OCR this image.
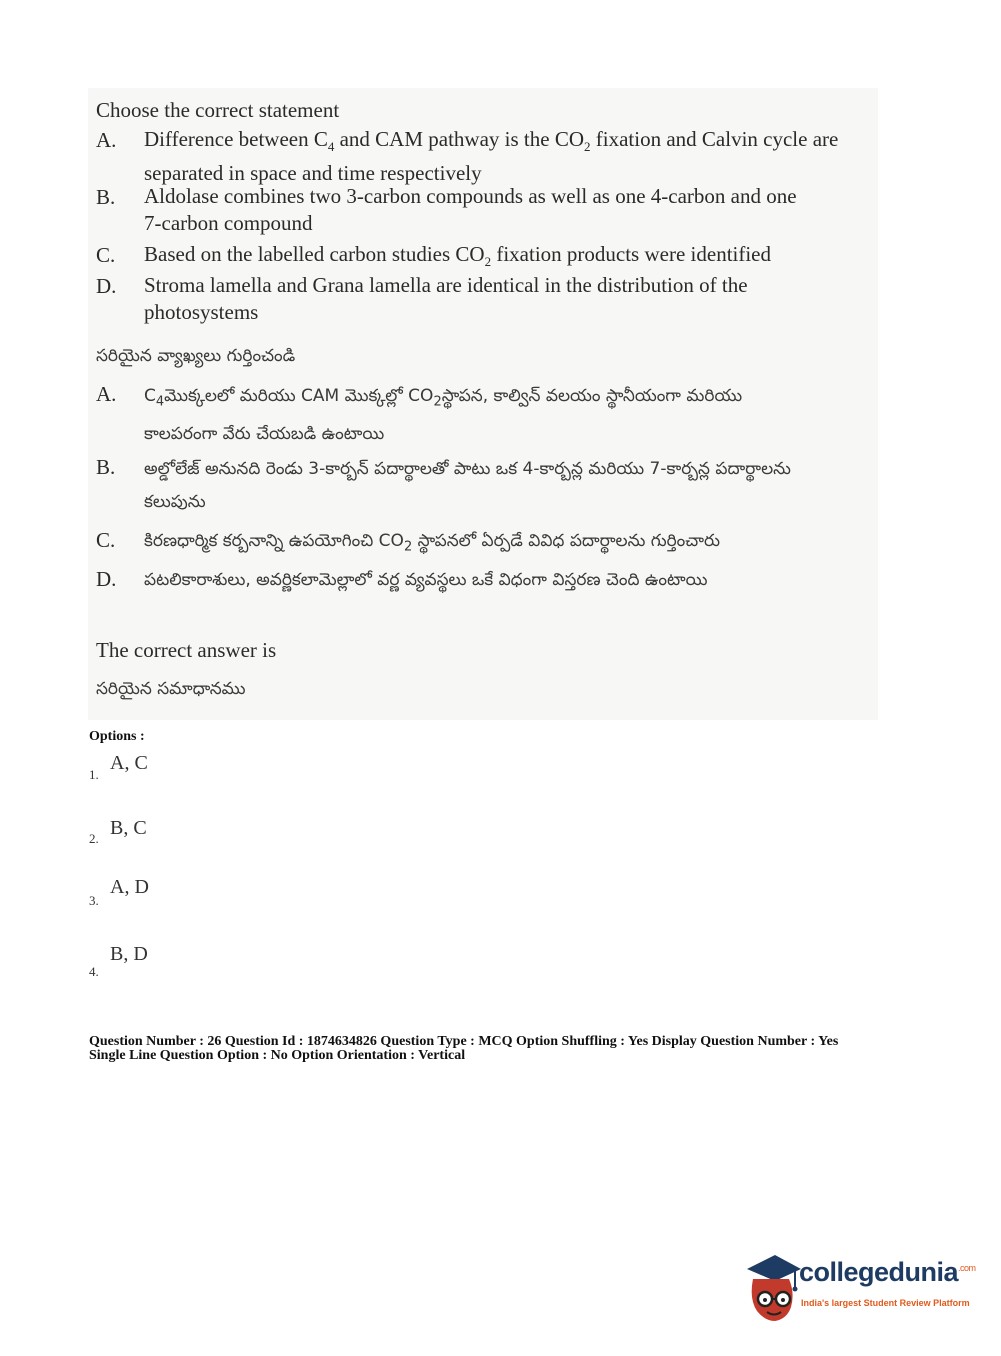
Choose the correct statement
A. Difference between $C_4$ and CAM pathway is the $CO_2$ fixation and Calvin cycle are
separated in space and time respectively
B. Aldolase combines two 3-carbon compounds as well as one 4-carbon and one
7-carbon compound
C. Based on the labelled carbon studies $CO_2$ fixation products were identified
D. Stroma lamella and Grana lamella are identical in the distribution of the photosystems
సరియైన వ్యాఖ్యలు గుర్తించండి
A. $C_4మొక్కలలో$ మరియు CAM మొక్కల్లో $CO_2స్థాపన$, కాల్విన్ వలయం స్థానీయంగా మరియు
కాలపరంగా వేరు చేయబడి ఉంటాయి
B. అల్డోలేజ్ అనునది రెండు 3-కార్బన్ పదార్థాలతో పాటు ఒక 4-కార్బన్ల మరియు 7-కార్బన్ల పదార్థాలను
కలుపును
C. కిరణధార్మిక కర్బనాన్ని ఉపయోగించి $CO_2$ స్థాపనలో ఏర్పడే వివిధ పదార్థాలను గుర్తించారు
D. పటలికారాశులు, అవర్ణికలామెల్లాలో వర్ణ వ్యవస్థలు ఒకే విధంగా విస్తరణ చెంది ఉంటాయి
The correct answer is
సరియైన సమాధానము
Options :
1.
A, C
2. B, C
3.
A, D
4.
B, D
Question Number : 26 Question Id : 1874634826 Question Type : MCQ Option Shuffling : Yes Display Question Number : Yes
Single Line Question Option : No Option Orientation : Vertical
collegedunia$^{.com}$
India's largest Student Review Platform
